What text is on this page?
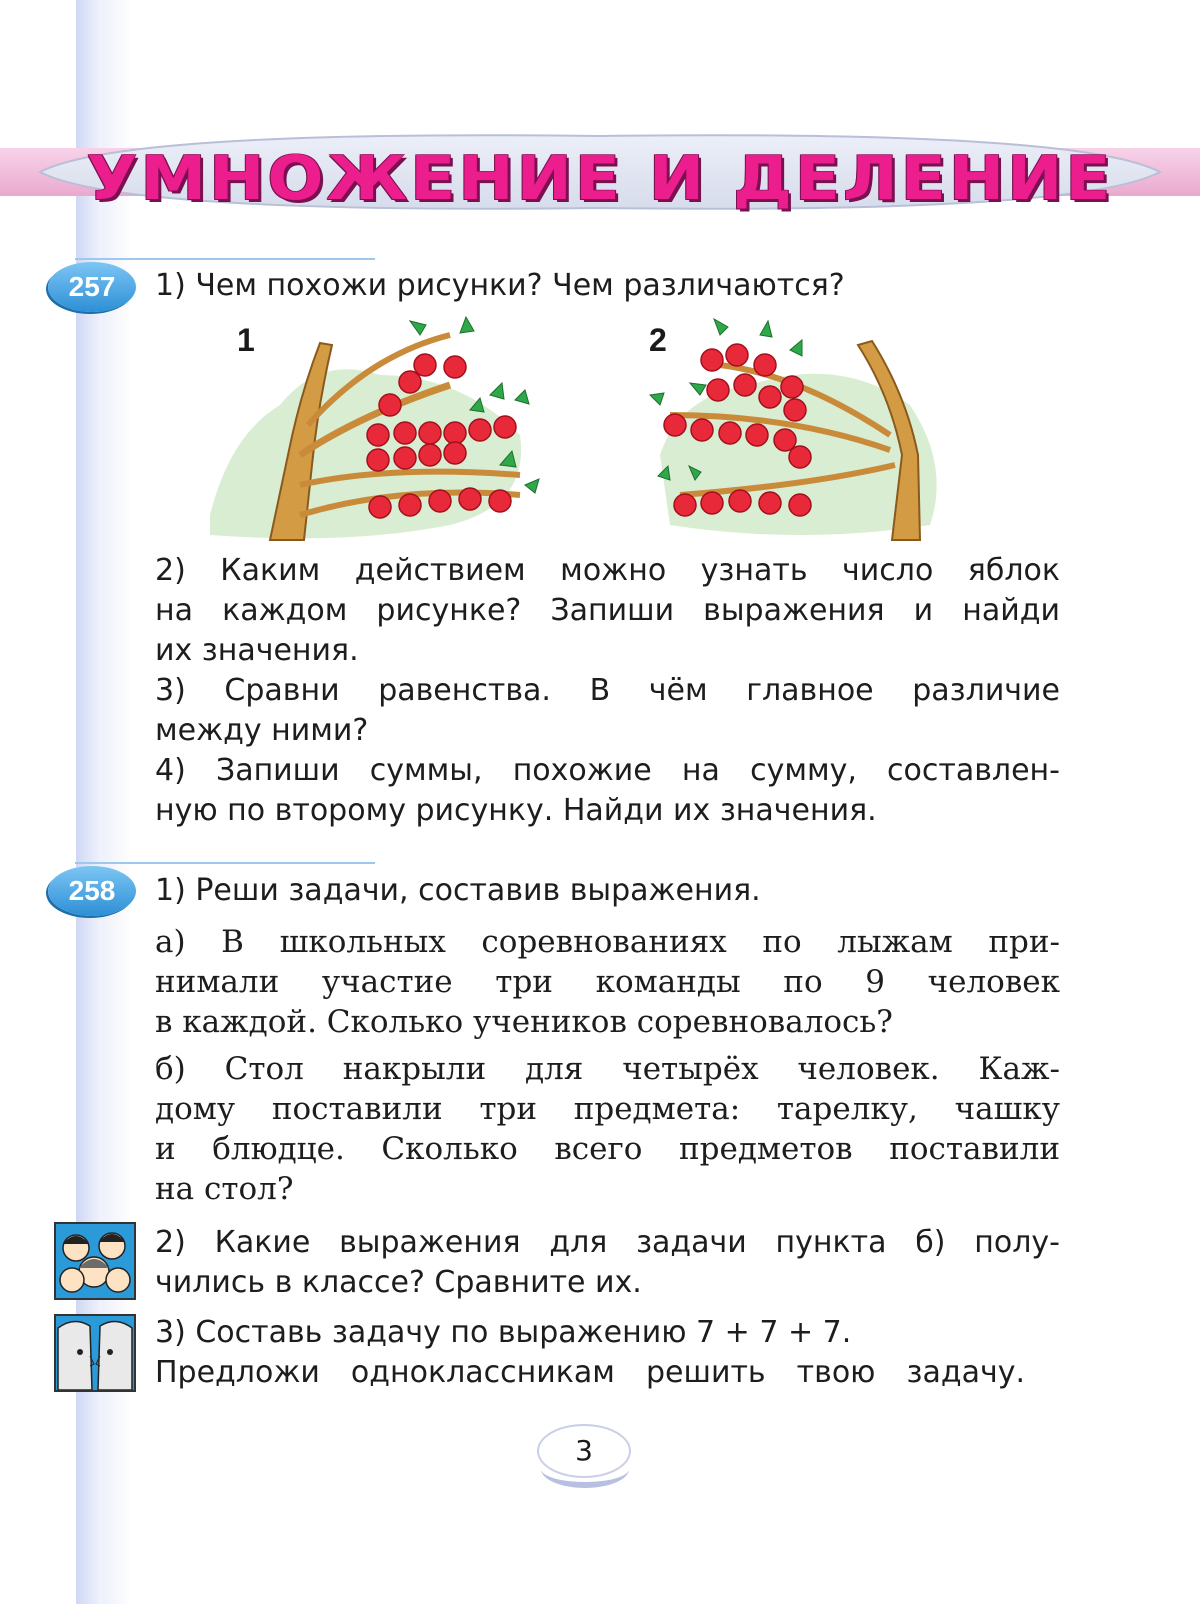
УМНОЖЕНИЕ И ДЕЛЕНИЕ
257	1) Чем похожи рисунки? Чем различаются?
1	2
2) Каким действием можно узнать число яблок
на каждом рисунке? Запиши выражения и найди
их значения.
3) Сравни равенства. В чём главное различие
между ними?
4) Запиши суммы, похожие на сумму, составлен-
ную по второму рисунку. Найди их значения.
258	1) Реши задачи, составив выражения.
а) В школьных соревнованиях по лыжам при-
нимали участие три команды по 9 человек
в каждой. Сколько учеников соревновалось?
б) Стол накрыли для четырёх человек. Каж-
дому поставили три предмета: тарелку, чашку
и блюдце. Сколько всего предметов поставили
на стол?
2) Какие выражения для задачи пункта б) полу-
чились в классе? Сравните их.
3) Составь задачу по выражению 7 + 7 + 7.
Предложи одноклассникам решить твою задачу.
3
